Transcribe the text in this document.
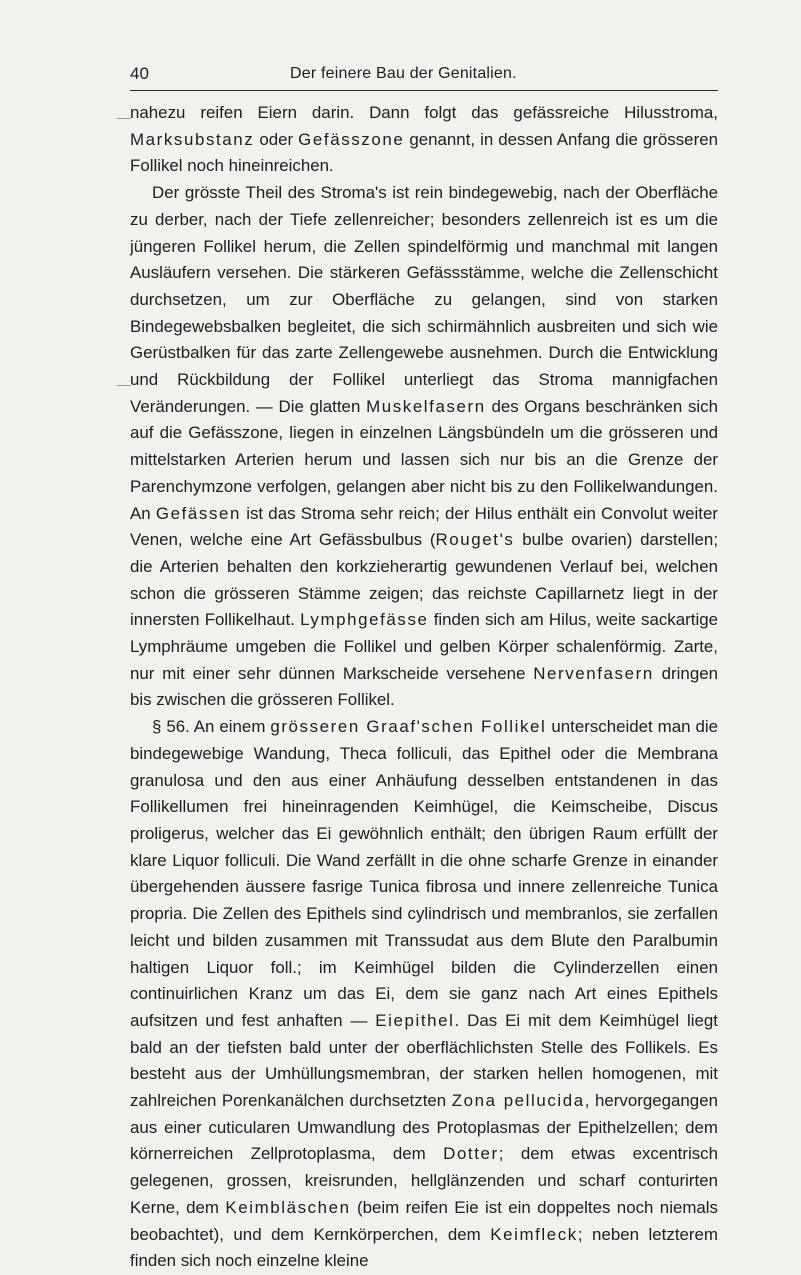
40	Der feinere Bau der Genitalien.

nahezu reifen Eiern darin. Dann folgt das gefässreiche Hilusstroma, Marksubstanz oder Gefässzone genannt, in dessen Anfang die grösseren Follikel noch hineinreichen.

Der grösste Theil des Stroma's ist rein bindegewebig, nach der Oberfläche zu derber, nach der Tiefe zellenreicher; besonders zellenreich ist es um die jüngeren Follikel herum, die Zellen spindelförmig und manchmal mit langen Ausläufern versehen. Die stärkeren Gefässstämme, welche die Zellenschicht durchsetzen, um zur Oberfläche zu gelangen, sind von starken Bindegewebsbalken begleitet, die sich schirmähnlich ausbreiten und sich wie Gerüstbalken für das zarte Zellengewebe ausnehmen. Durch die Entwicklung und Rückbildung der Follikel unterliegt das Stroma mannigfachen Veränderungen. — Die glatten Muskelfasern des Organs beschränken sich auf die Gefässzone, liegen in einzelnen Längsbündeln um die grösseren und mittelstarken Arterien herum und lassen sich nur bis an die Grenze der Parenchymzone verfolgen, gelangen aber nicht bis zu den Follikelwandungen. An Gefässen ist das Stroma sehr reich; der Hilus enthält ein Convolut weiter Venen, welche eine Art Gefässbulbus (Rouget's bulbe ovarien) darstellen; die Arterien behalten den korkzieherartig gewundenen Verlauf bei, welchen schon die grösseren Stämme zeigen; das reichste Capillarnetz liegt in der innersten Follikelhaut. Lymphgefässe finden sich am Hilus, weite sackartige Lymphräume umgeben die Follikel und gelben Körper schalenförmig. Zarte, nur mit einer sehr dünnen Markscheide versehene Nervenfasern dringen bis zwischen die grösseren Follikel.

§ 56. An einem grösseren Graaf'schen Follikel unterscheidet man die bindegewebige Wandung, Theca folliculi, das Epithel oder die Membrana granulosa und den aus einer Anhäufung desselben entstandenen in das Follikellumen frei hineinragenden Keimhügel, die Keimscheibe, Discus proligerus, welcher das Ei gewöhnlich enthält; den übrigen Raum erfüllt der klare Liquor folliculi. Die Wand zerfällt in die ohne scharfe Grenze in einander übergehenden äussere fasrige Tunica fibrosa und innere zellenreiche Tunica propria. Die Zellen des Epithels sind cylindrisch und membranlos, sie zerfallen leicht und bilden zusammen mit Transsudat aus dem Blute den Paralbumin haltigen Liquor foll.; im Keimhügel bilden die Cylinderzellen einen continuirlichen Kranz um das Ei, dem sie ganz nach Art eines Epithels aufsitzen und fest anhaften — Eiepithel. Das Ei mit dem Keimhügel liegt bald an der tiefsten bald unter der oberflächlichsten Stelle des Follikels. Es besteht aus der Umhüllungsmembran, der starken hellen homogenen, mit zahlreichen Porenkanälchen durchsetzten Zona pellucida, hervorgegangen aus einer cuticularen Umwandlung des Protoplasmas der Epithelzellen; dem körnerreichen Zellprotoplasma, dem Dotter; dem etwas excentrisch gelegenen, grossen, kreisrunden, hellglänzenden und scharf conturirten Kerne, dem Keimbläschen (beim reifen Eie ist ein doppeltes noch niemals beobachtet), und dem Kernkörperchen, dem Keimfleck; neben letzterem finden sich noch einzelne kleine
